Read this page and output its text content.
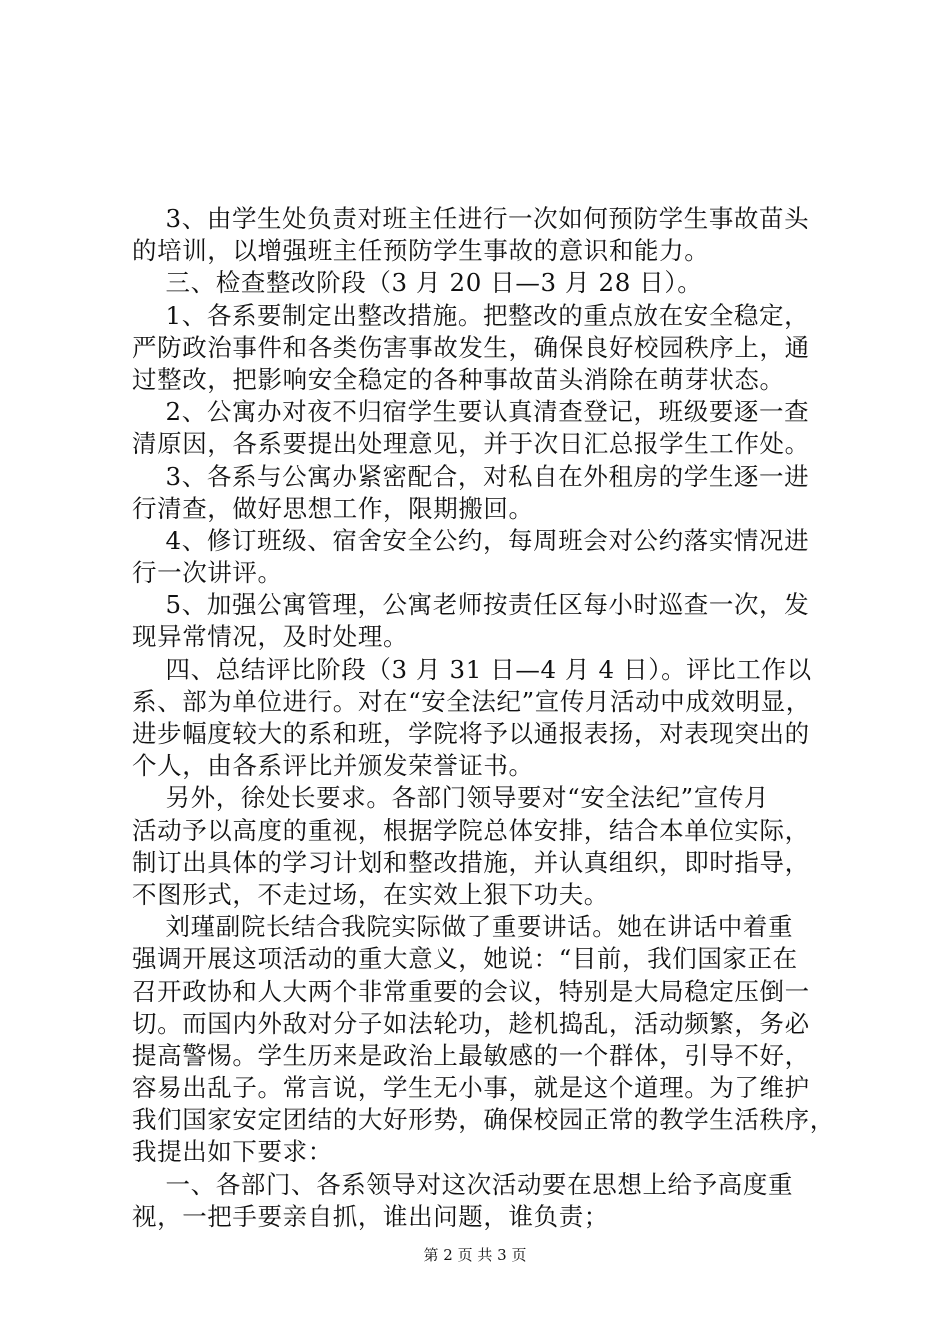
3、由学生处负责对班主任进行一次如何预防学生事故苗头
的培训，以增强班主任预防学生事故的意识和能力。
三、检查整改阶段（3 月 20 日—3 月 28 日）。
1、各系要制定出整改措施。把整改的重点放在安全稳定，
严防政治事件和各类伤害事故发生，确保良好校园秩序上，通
过整改，把影响安全稳定的各种事故苗头消除在萌芽状态。
2、公寓办对夜不归宿学生要认真清查登记，班级要逐一查
清原因，各系要提出处理意见，并于次日汇总报学生工作处。
3、各系与公寓办紧密配合，对私自在外租房的学生逐一进
行清查，做好思想工作，限期搬回。
4、修订班级、宿舍安全公约，每周班会对公约落实情况进
行一次讲评。
5、加强公寓管理，公寓老师按责任区每小时巡查一次，发
现异常情况，及时处理。
四、总结评比阶段（3 月 31 日—4 月 4 日）。评比工作以
系、部为单位进行。对在“安全法纪”宣传月活动中成效明显，
进步幅度较大的系和班，学院将予以通报表扬，对表现突出的
个人，由各系评比并颁发荣誉证书。
另外，徐处长要求。各部门领导要对“安全法纪”宣传月
活动予以高度的重视，根据学院总体安排，结合本单位实际，
制订出具体的学习计划和整改措施，并认真组织，即时指导，
不图形式，不走过场，在实效上狠下功夫。
刘瑾副院长结合我院实际做了重要讲话。她在讲话中着重
强调开展这项活动的重大意义，她说：“目前，我们国家正在
召开政协和人大两个非常重要的会议，特别是大局稳定压倒一
切。而国内外敌对分子如法轮功，趁机捣乱，活动频繁，务必
提高警惕。学生历来是政治上最敏感的一个群体，引导不好，
容易出乱子。常言说，学生无小事，就是这个道理。为了维护
我们国家安定团结的大好形势，确保校园正常的教学生活秩序，
我提出如下要求：
一、各部门、各系领导对这次活动要在思想上给予高度重
视，一把手要亲自抓，谁出问题，谁负责；
第 2 页 共 3 页
